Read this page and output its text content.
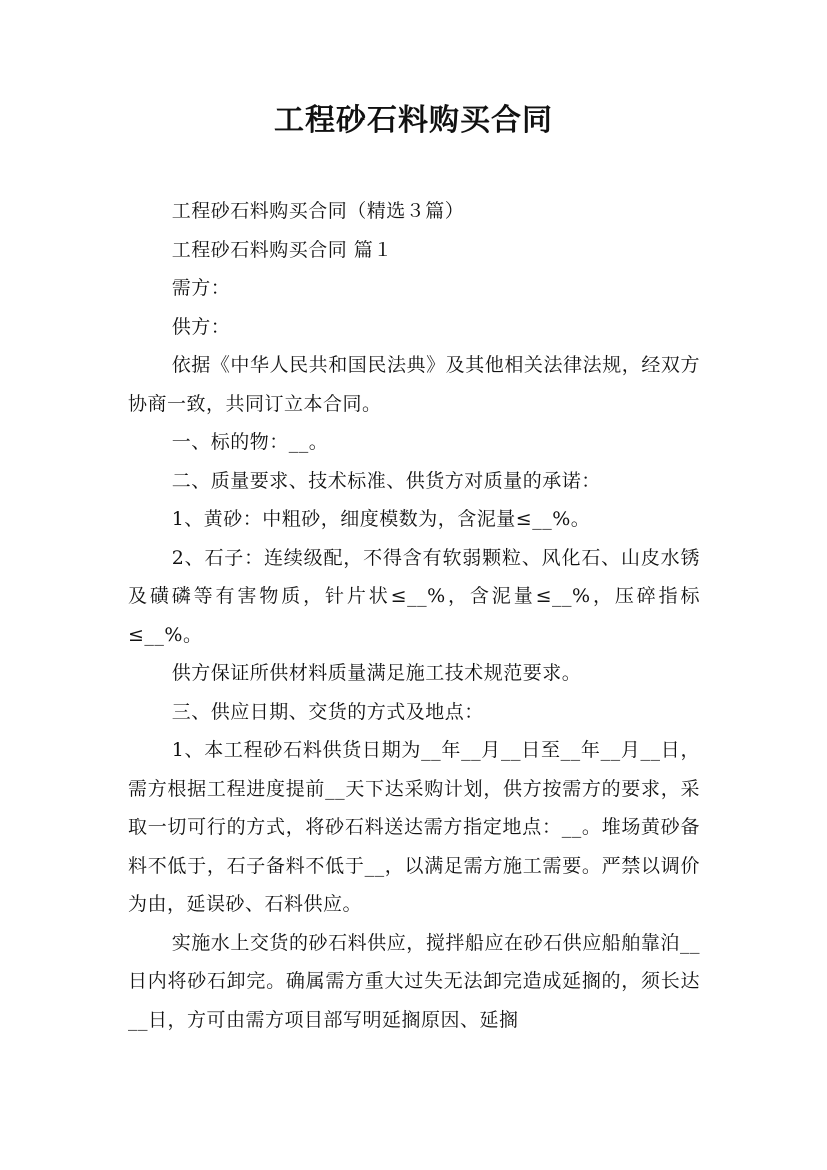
工程砂石料购买合同

工程砂石料购买合同（精选３篇）

工程砂石料购买合同 篇１

需方：

供方：

依据《中华人民共和国民法典》及其他相关法律法规，经双方协商一致，共同订立本合同。

一、标的物：__。

二、质量要求、技术标准、供货方对质量的承诺：

1、黄砂：中粗砂，细度模数为，含泥量≤__%。

2、石子：连续级配，不得含有软弱颗粒、风化石、山皮水锈及磺磷等有害物质，针片状≤__%，含泥量≤__%，压碎指标≤__%。

供方保证所供材料质量满足施工技术规范要求。

三、供应日期、交货的方式及地点：

1、本工程砂石料供货日期为__年__月__日至__年__月__日，需方根据工程进度提前__天下达采购计划，供方按需方的要求，采取一切可行的方式，将砂石料送达需方指定地点：__。堆场黄砂备料不低于，石子备料不低于__，以满足需方施工需要。严禁以调价为由，延误砂、石料供应。

实施水上交货的砂石料供应，搅拌船应在砂石供应船舶靠泊__日内将砂石卸完。确属需方重大过失无法卸完造成延搁的，须长达__日，方可由需方项目部写明延搁原因、延搁
